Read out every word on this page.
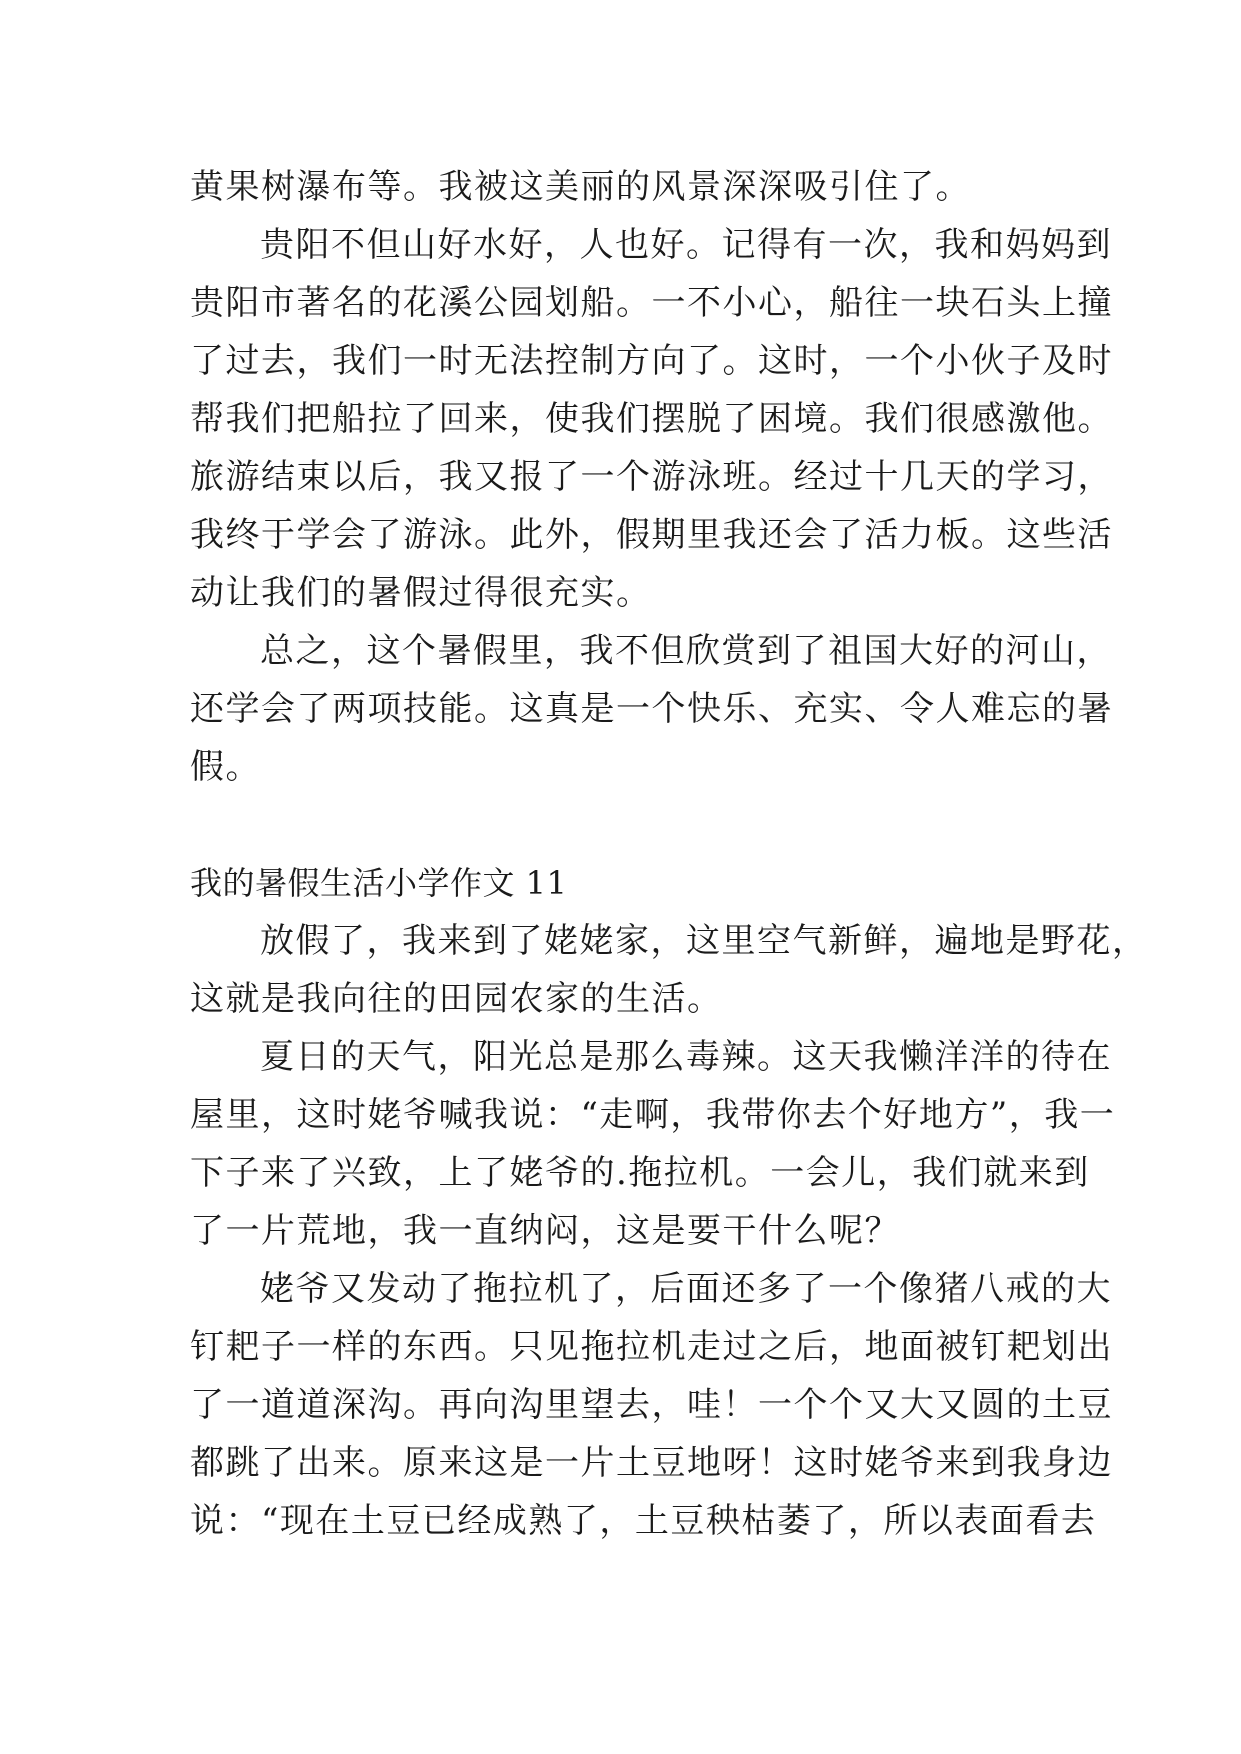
黄果树瀑布等。我被这美丽的风景深深吸引住了。
贵阳不但山好水好，人也好。记得有一次，我和妈妈到
贵阳市著名的花溪公园划船。一不小心，船往一块石头上撞
了过去，我们一时无法控制方向了。这时，一个小伙子及时
帮我们把船拉了回来，使我们摆脱了困境。我们很感激他。
旅游结束以后，我又报了一个游泳班。经过十几天的学习，
我终于学会了游泳。此外，假期里我还会了活力板。这些活
动让我们的暑假过得很充实。
总之，这个暑假里，我不但欣赏到了祖国大好的河山，
还学会了两项技能。这真是一个快乐、充实、令人难忘的暑
假。
我的暑假生活小学作文 11
放假了，我来到了姥姥家，这里空气新鲜，遍地是野花，
这就是我向往的田园农家的生活。
夏日的天气，阳光总是那么毒辣。这天我懒洋洋的待在
屋里，这时姥爷喊我说：“走啊，我带你去个好地方”，我一
下子来了兴致，上了姥爷的.拖拉机。一会儿，我们就来到
了一片荒地，我一直纳闷，这是要干什么呢？
姥爷又发动了拖拉机了，后面还多了一个像猪八戒的大
钉耙子一样的东西。只见拖拉机走过之后，地面被钉耙划出
了一道道深沟。再向沟里望去，哇！一个个又大又圆的土豆
都跳了出来。原来这是一片土豆地呀！这时姥爷来到我身边
说：“现在土豆已经成熟了，土豆秧枯萎了，所以表面看去
